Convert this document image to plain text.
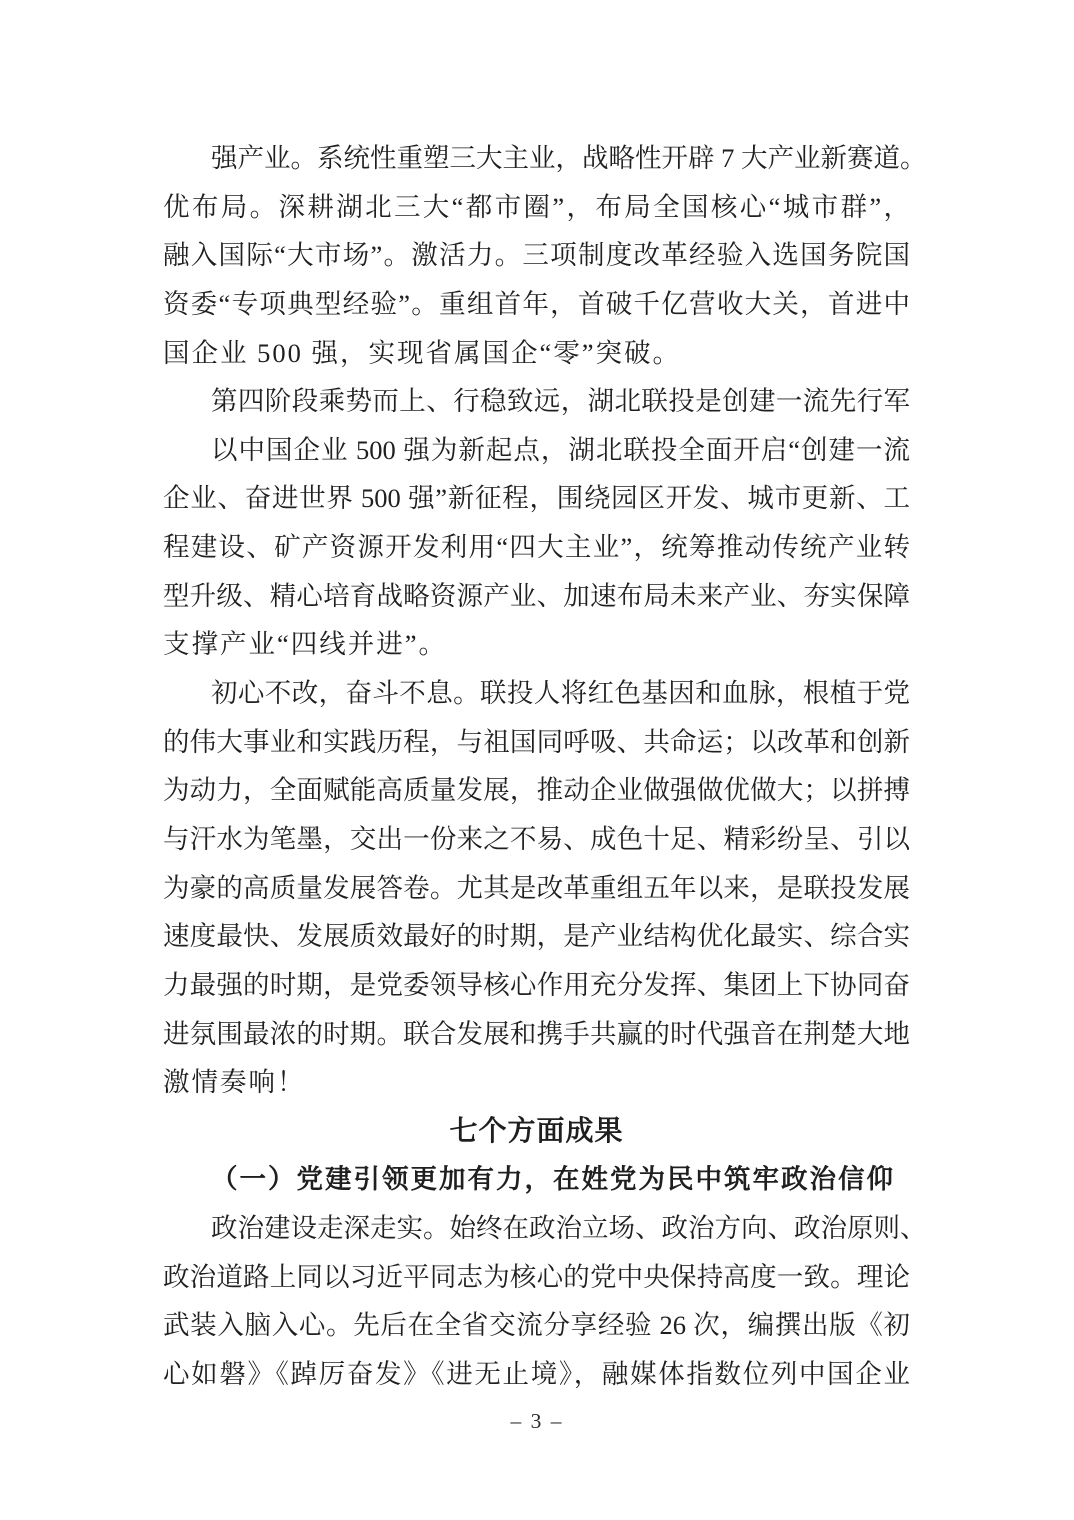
强产业。系统性重塑三大主业，战略性开辟 7 大产业新赛道。
优布局。深耕湖北三大“都市圈”，布局全国核心“城市群”，
融入国际“大市场”。激活力。三项制度改革经验入选国务院国
资委“专项典型经验”。重组首年，首破千亿营收大关，首进中
国企业 500 强，实现省属国企“零”突破。
第四阶段乘势而上、行稳致远，湖北联投是创建一流先行军
以中国企业 500 强为新起点，湖北联投全面开启“创建一流
企业、奋进世界 500 强”新征程，围绕园区开发、城市更新、工
程建设、矿产资源开发利用“四大主业”，统筹推动传统产业转
型升级、精心培育战略资源产业、加速布局未来产业、夯实保障
支撑产业“四线并进”。
初心不改，奋斗不息。联投人将红色基因和血脉，根植于党
的伟大事业和实践历程，与祖国同呼吸、共命运；以改革和创新
为动力，全面赋能高质量发展，推动企业做强做优做大；以拼搏
与汗水为笔墨，交出一份来之不易、成色十足、精彩纷呈、引以
为豪的高质量发展答卷。尤其是改革重组五年以来，是联投发展
速度最快、发展质效最好的时期，是产业结构优化最实、综合实
力最强的时期，是党委领导核心作用充分发挥、集团上下协同奋
进氛围最浓的时期。联合发展和携手共赢的时代强音在荆楚大地
激情奏响！
七个方面成果
（一）党建引领更加有力，在姓党为民中筑牢政治信仰
政治建设走深走实。始终在政治立场、政治方向、政治原则、
政治道路上同以习近平同志为核心的党中央保持高度一致。理论
武装入脑入心。先后在全省交流分享经验 26 次，编撰出版《初
心如磐》《踔厉奋发》《进无止境》，融媒体指数位列中国企业
– 3 –
